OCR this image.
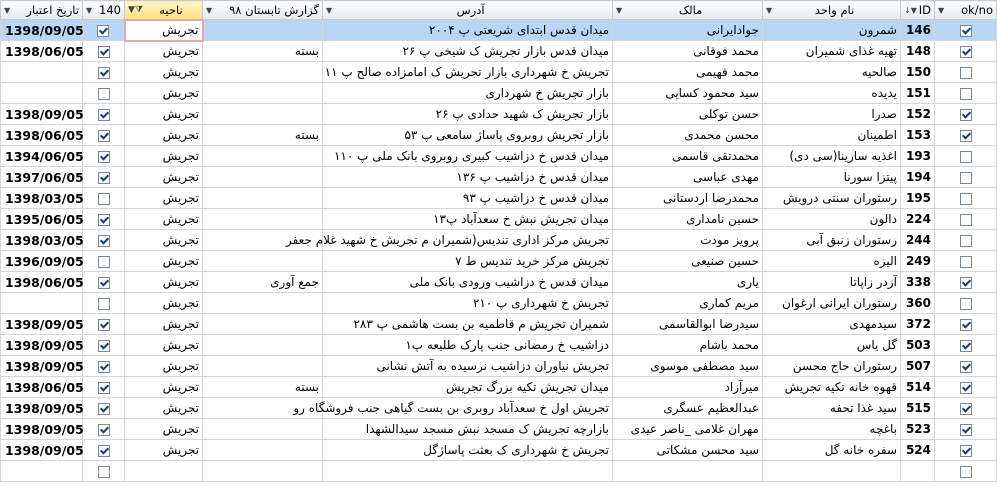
▼ تاریخ اعتبار	▼ 140	▼⧩ ناحیه	▼ گزارش تابستان ۹۸	▼ آدرس	▼ مالک	▼ نام واحد	↓▼ ID	▼ ok/no

1398/09/05		تجریش		میدان قدس ابتدای شریعتی پ ۲۰۰۴	جوادایرانی	شمرون	146	
1398/06/05		تجریش	بسته	میدان قدس بازار تجریش ک شیخی پ ۲۶	محمد فوقانی	تهیه غذای شمیران	148	
		تجریش		تجریش خ شهرداری بازار تجریش ک امامزاده صالح پ ۱۱	محمد فهیمی	صالحیه	150	
		تجریش		بازار تجریش خ شهرداری	سید محمود کسایی	یدیده	151	
1398/09/05		تجریش		بازار تجریش ک شهید حدادی پ ۲۶	حسن توکلی	صدرا	152	
1398/06/05		تجریش	بسته	بازار تجریش روبروی پاساژ سامعی پ ۵۳	محسن محمدی	اطمینان	153	
1394/06/05		تجریش		میدان قدس خ دزاشیب کبیری روبروی بانک ملی پ ۱۱۰	محمدتقی قاسمی	اغذیه سارینا(سی دی)	193	
1397/06/05		تجریش		میدان قدس خ دزاشیب پ ۱۳۶	مهدی عباسی	پیتزا سورنا	194	
1398/03/05		تجریش		میدان قدس خ دزاشیب پ ۹۳	محمدرضا اردستانی	رستوران سنتی درویش	195	
1395/06/05		تجریش		میدان تجریش نبش خ سعدآباد پ۱۳	حسین نامداری	دالون	224	
1398/03/05		تجریش		تجریش مرکز اداری تندیس(شمیران م تجریش خ شهید غلام جعفر	پرویز مودت	رستوران زنبق آبی	244	
1396/09/05		تجریش		تجریش مرکز خرید تندیس ط ۷	حسین صنیعی	الیزه	249	
1398/06/05		تجریش	جمع آوری	میدان قدس خ دزاشیب ورودی بانک ملی	یاری	آزدر زاپاتا	338	
		تجریش		تجریش خ شهرداری پ ۲۱۰	مریم کماری	رستوران ایرانی ارغوان	360	
1398/09/05		تجریش		شمیران تجریش م قاطمیه بن بست هاشمی پ ۲۸۳	سیدرضا ابوالقاسمی	سیدمهدی	372	
1398/09/05		تجریش		دزاشیب خ رمضانی جنب پارک طلیعه پ۱	محمد باشام	گل یاس	503	
1398/09/05		تجریش		تجریش نیاوران دزاشیب نرسیده به آتش نشانی	سید مصطفی موسوی	رستوران حاج محسن	507	
1398/06/05		تجریش	بسته	میدان تجریش تکیه بزرگ تجریش	میرآزاد	قهوه خانه تکیه تجریش	514	
1398/09/05		تجریش		تجریش اول خ سعدآباد روبری بن بست گیاهی جنب فروشگاه رو	عبدالعظیم عسگری	سید غذا تحفه	515	
1398/09/05		تجریش		بازارچه تجریش ک مسجد نبش مسجد سیدالشهدا	مهران غلامی _ناصر عیدی	باغچه	523	
1398/09/05		تجریش		تجریش خ شهرداری ک بعثت پاساژگل	سید محسن مشکاتی	سفره خانه گل	524	
